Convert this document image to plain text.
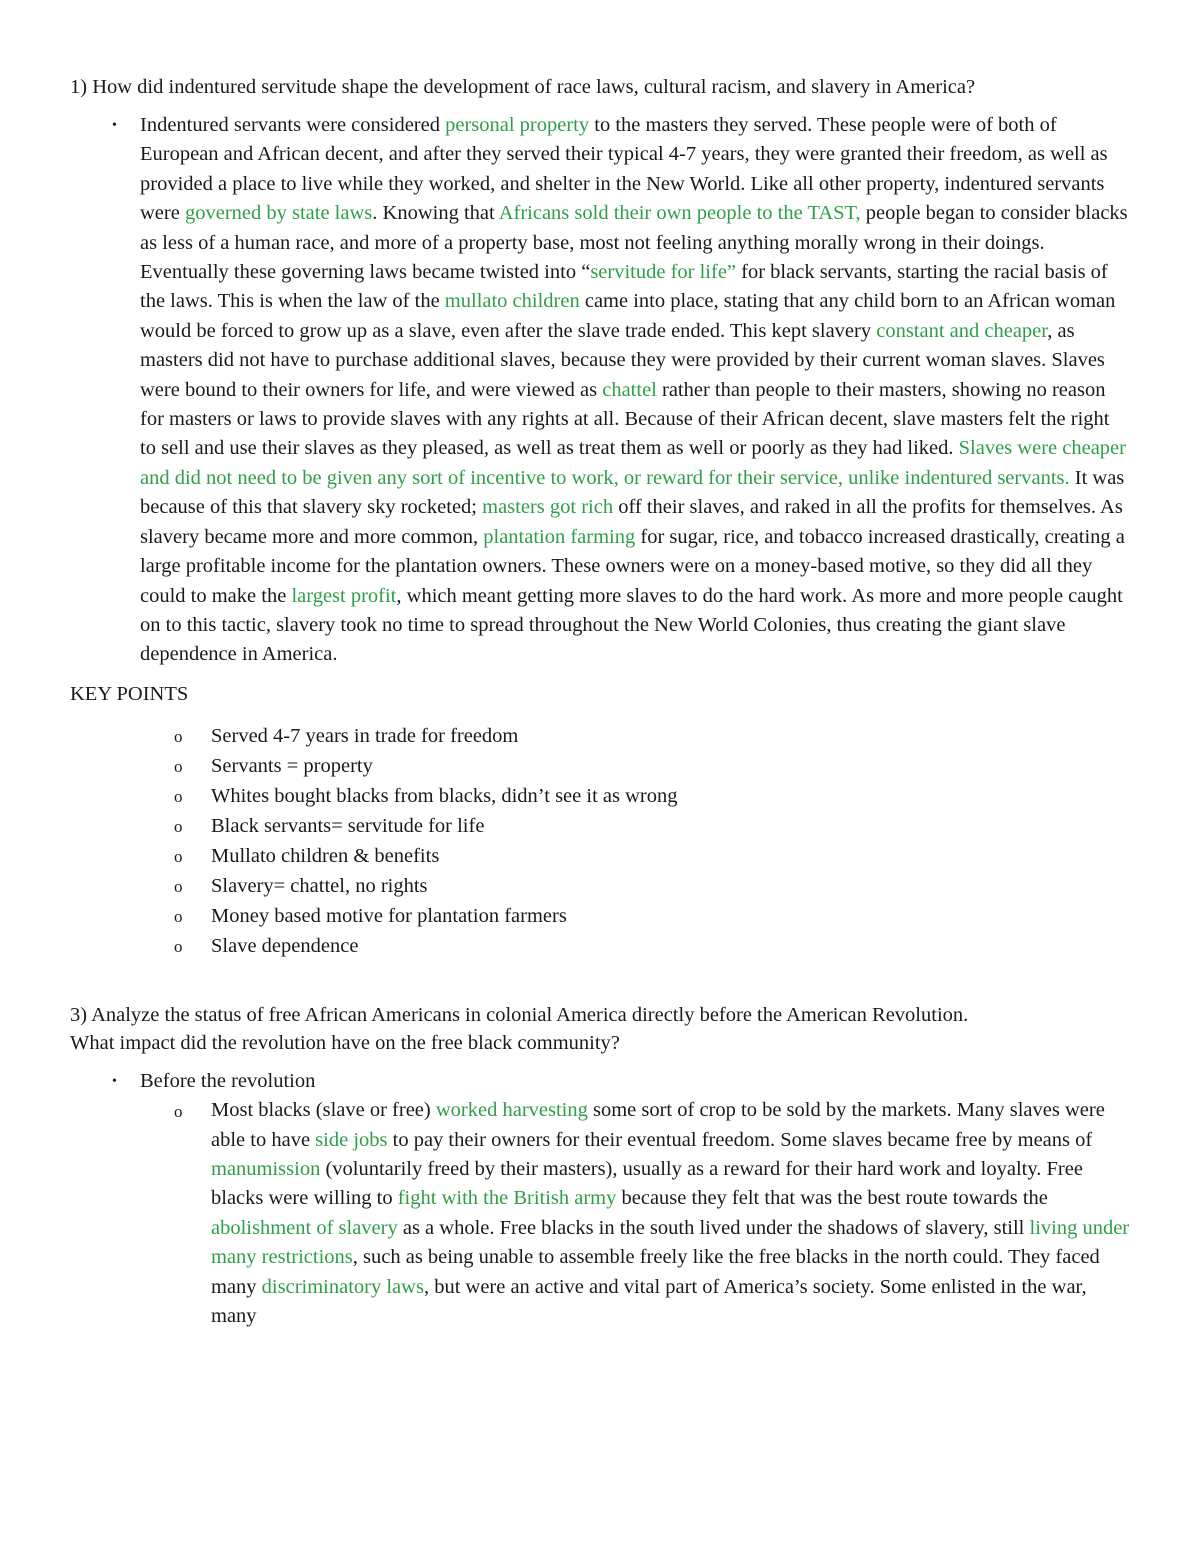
1) How did indentured servitude shape the development of race laws, cultural racism, and slavery in America?

• Indentured servants were considered personal property to the masters they served. These people were of both of European and African decent, and after they served their typical 4-7 years, they were granted their freedom, as well as provided a place to live while they worked, and shelter in the New World. Like all other property, indentured servants were governed by state laws. Knowing that Africans sold their own people to the TAST, people began to consider blacks as less of a human race, and more of a property base, most not feeling anything morally wrong in their doings. Eventually these governing laws became twisted into “servitude for life” for black servants, starting the racial basis of the laws. This is when the law of the mullato children came into place, stating that any child born to an African woman would be forced to grow up as a slave, even after the slave trade ended. This kept slavery constant and cheaper, as masters did not have to purchase additional slaves, because they were provided by their current woman slaves. Slaves were bound to their owners for life, and were viewed as chattel rather than people to their masters, showing no reason for masters or laws to provide slaves with any rights at all. Because of their African decent, slave masters felt the right to sell and use their slaves as they pleased, as well as treat them as well or poorly as they had liked. Slaves were cheaper and did not need to be given any sort of incentive to work, or reward for their service, unlike indentured servants. It was because of this that slavery sky rocketed; masters got rich off their slaves, and raked in all the profits for themselves. As slavery became more and more common, plantation farming for sugar, rice, and tobacco increased drastically, creating a large profitable income for the plantation owners. These owners were on a money-based motive, so they did all they could to make the largest profit, which meant getting more slaves to do the hard work. As more and more people caught on to this tactic, slavery took no time to spread throughout the New World Colonies, thus creating the giant slave dependence in America.

KEY POINTS

o Served 4-7 years in trade for freedom
o Servants = property
o Whites bought blacks from blacks, didn’t see it as wrong
o Black servants= servitude for life
o Mullato children & benefits
o Slavery= chattel, no rights
o Money based motive for plantation farmers
o Slave dependence

3) Analyze the status of free African Americans in colonial America directly before the American Revolution. What impact did the revolution have on the free black community?

• Before the revolution
o Most blacks (slave or free) worked harvesting some sort of crop to be sold by the markets. Many slaves were able to have side jobs to pay their owners for their eventual freedom. Some slaves became free by means of manumission (voluntarily freed by their masters), usually as a reward for their hard work and loyalty. Free blacks were willing to fight with the British army because they felt that was the best route towards the abolishment of slavery as a whole. Free blacks in the south lived under the shadows of slavery, still living under many restrictions, such as being unable to assemble freely like the free blacks in the north could. They faced many discriminatory laws, but were an active and vital part of America’s society. Some enlisted in the war, many
